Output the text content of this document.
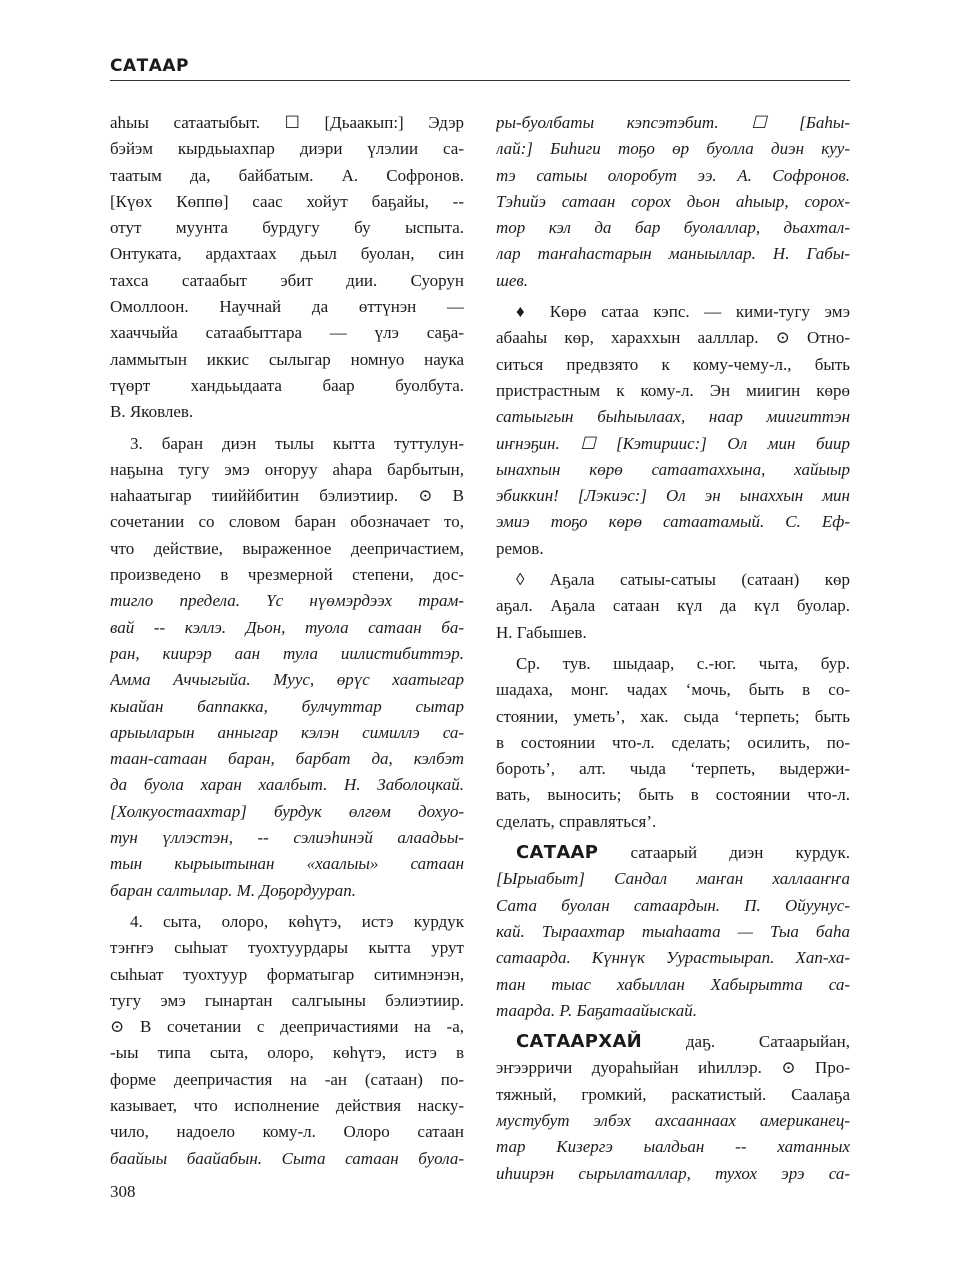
САТААР
аһыы сатаатыбыт. ☐ [Дьаакып:] Эдэр
бэйэм кырдьыахпар диэри үлэлии са-
таатым да, байбатым. А. Софронов.
[Күөх Көппө] саас хойут баҕайы, --
отут муунта бурдугу бу ыспыта.
Онтуката, ардахтаах дьыл буолан, син
тахса сатаабыт эбит дии. Суорун
Омоллоон. Научнай да өттүнэн —
хааччыйа сатаабыттара — үлэ саҕа-
ламмытын иккис сылыгар номнуо наука
түөрт хандьыдаата баар буолбута.
В. Яковлев.
3. баран диэн тылы кытта туттулун-
наҕына тугу эмэ оҥоруу аһара барбытын,
наһаатыгар тииййбитин бэлиэтиир. ⊙ В
сочетании со словом баран обозначает то,
что действие, выраженное деепричастием,
произведено в чрезмерной степени, дос-
тигло предела. Үс нүөмэрдээх трам-
вай -- кэллэ. Дьон, туола сатаан ба-
ран, киирэр аан тула иилистибиттэр.
Амма Аччыгыйа. Муус, өрүс хаатыгар
кыайан баппакка, булчуттар сытар
арыыларын анныгар кэлэн симиллэ са-
таан-сатаан баран, барбат да, кэлбэт
да буола харан хаалбыт. Н. Заболоцкай.
[Холкуостаахтар] бурдук өлгөм дохуо-
тун үллэстэн, -- сэлиэһинэй алаадьы-
тын кырыытынан «хаалыы» сатаан
баран салтылар. М. Доҕордуурап.
4. сыта, олоро, көһүтэ, истэ курдук
тэҥҥэ сыһыат туохтуурдары кытта урут
сыһыат туохтуур форматыгар ситимнэнэн,
тугу эмэ гынартан салгыыны бэлиэтиир.
⊙ В сочетании с деепричастиями на -а,
-ыы типа сыта, олоро, көһүтэ, истэ в
форме деепричастия на -ан (сатаан) по-
казывает, что исполнение действия наску-
чило, надоело кому-л. Олоро сатаан
баайыы баайабын. Сыта сатаан буола-
ры-буолбаты кэпсэтэбит. ☐ [Баһы-
лай:] Биһиги тоҕо өр буолла диэн куу-
тэ сатыы олоробут ээ. А. Софронов.
Тэһийэ сатаан сорох дьон аһыыр, сорох-
тор кэл да бар буолаллар, дьахтал-
лар таҥаһастарын маныыллар. Н. Габы-
шев.
♦ Көрө сатаа кэпс. — кими-тугу эмэ
абааһы көр, хараххын аалллар. ⊙ Отно-
ситься предвзято к кому-чему-л., быть
пристрастным к кому-л. Эн миигин көрө
сатыыгын быһыылаах, наар миигиттэн
иҥнэҕин. ☐ [Кэтириис:] Ол мин биир
ынахпын көрө сатаатаххына, хайыыр
эбиккин! [Лэкиэс:] Ол эн ынаххын мин
эмиэ тоҕо көрө сатаатамый. С. Еф-
ремов.
◊ Аҕала сатыы-сатыы (сатаан) көр
аҕал. Аҕала сатаан күл да күл буолар.
Н. Габышев.
Ср. тув. шыдаар, с.-юг. чыта, бур.
шадаха, монг. чадах ‘мочь, быть в со-
стоянии, уметь’, хак. сыда ‘терпеть; быть
в состоянии что-л. сделать; осилить, по-
бороть’, алт. чыда ‘терпеть, выдержи-
вать, выносить; быть в состоянии что-л.
сделать, справляться’.
САТААР сатаарый диэн курдук.
[Ырыабыт] Сандал маҥан халлааҥҥа
Сата буолан сатаардын. П. Ойуунус-
кай. Тыраахтар тыаһаата — Тыа баһа
сатаарда. Күннүк Уурастыырап. Хап-ха-
тан тыас хабыллан Хабырытта са-
таарда. Р. Баҕатаайыскай.
САТААРХАЙ даҕ. Сатаарыйан,
эҥээрричи дуораһыйан иһиллэр. ⊙ Про-
тяжный, громкий, раскатистый. Саалаҕа
мустубут элбэх ахсааннаах американец-
тар Кизергэ ыалдьан -- хатанных
иһиирэн сырылаталлар, тухох эрэ са-
308
